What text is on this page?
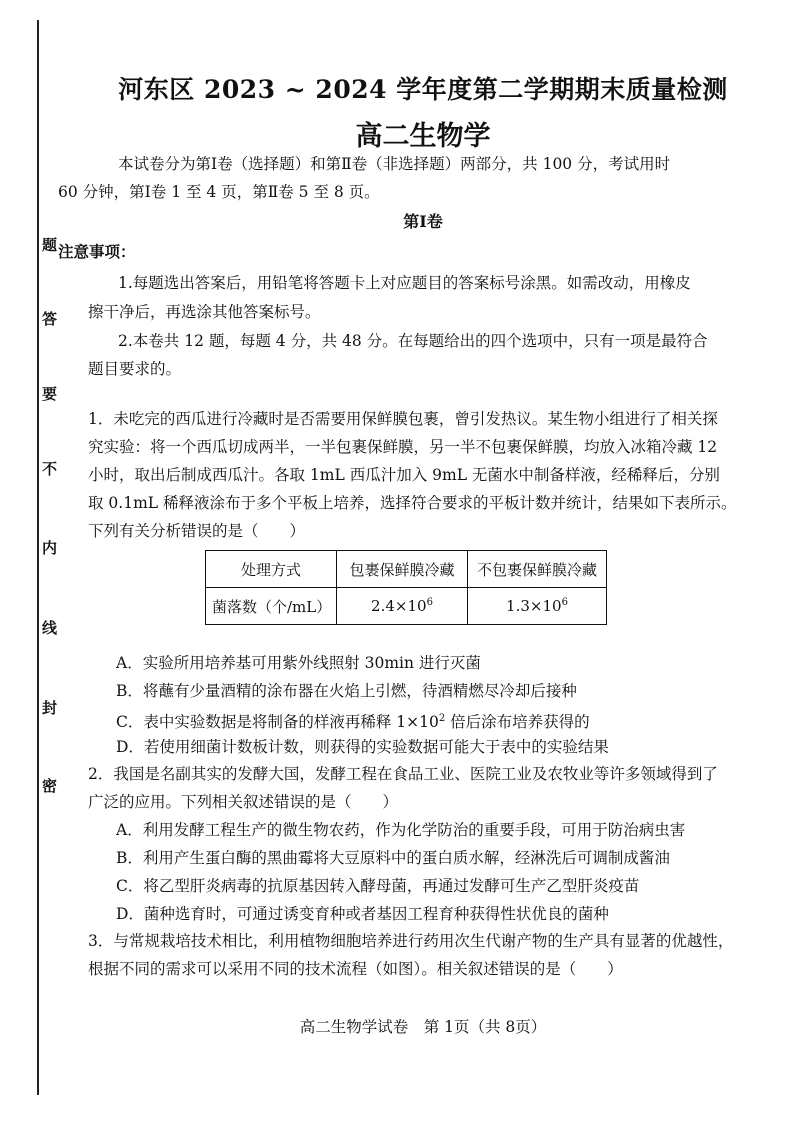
密
封
线
内
不
要
答
题
河东区 2023 ~ 2024 学年度第二学期期末质量检测
高二生物学
本试卷分为第Ⅰ卷（选择题）和第Ⅱ卷（非选择题）两部分，共 100 分，考试用时
60 分钟，第Ⅰ卷 1 至 4 页，第Ⅱ卷 5 至 8 页。
第Ⅰ卷
注意事项：
1.每题选出答案后，用铅笔将答题卡上对应题目的答案标号涂黑。如需改动，用橡皮
擦干净后，再选涂其他答案标号。
2.本卷共 12 题，每题 4 分，共 48 分。在每题给出的四个选项中，只有一项是最符合
题目要求的。
1．未吃完的西瓜进行冷藏时是否需要用保鲜膜包裹，曾引发热议。某生物小组进行了相关探
究实验：将一个西瓜切成两半，一半包裹保鲜膜，另一半不包裹保鲜膜，均放入冰箱冷藏 12
小时，取出后制成西瓜汁。各取 1mL 西瓜汁加入 9mL 无菌水中制备样液，经稀释后，分别
取 0.1mL 稀释液涂布于多个平板上培养，选择符合要求的平板计数并统计，结果如下表所示。
下列有关分析错误的是（　　）
处理方式	包裹保鲜膜冷藏	不包裹保鲜膜冷藏
菌落数（个/mL）	$2.4\times 10^6$	$1.3\times 10^6$
A．实验所用培养基可用紫外线照射 30min 进行灭菌
B．将蘸有少量酒精的涂布器在火焰上引燃，待酒精燃尽冷却后接种
C．表中实验数据是将制备的样液再稀释 $1\times 10^2$ 倍后涂布培养获得的
D．若使用细菌计数板计数，则获得的实验数据可能大于表中的实验结果
2．我国是名副其实的发酵大国，发酵工程在食品工业、医院工业及农牧业等许多领域得到了
广泛的应用。下列相关叙述错误的是（　　）
A．利用发酵工程生产的微生物农药，作为化学防治的重要手段，可用于防治病虫害
B．利用产生蛋白酶的黑曲霉将大豆原料中的蛋白质水解，经淋洗后可调制成酱油
C．将乙型肝炎病毒的抗原基因转入酵母菌，再通过发酵可生产乙型肝炎疫苗
D．菌种选育时，可通过诱变育种或者基因工程育种获得性状优良的菌种
3．与常规栽培技术相比，利用植物细胞培养进行药用次生代谢产物的生产具有显著的优越性，
根据不同的需求可以采用不同的技术流程（如图）。相关叙述错误的是（　　）
高二生物学试卷　第 1页（共 8页）
